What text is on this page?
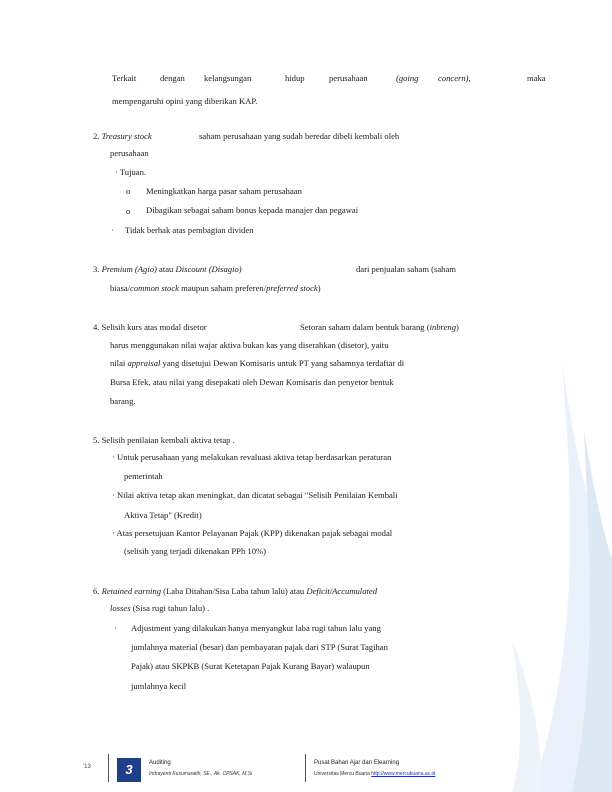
Terkait	dengan kelangsungan	hidup	perusahaan	(going concern),	maka
mempengaruhi opini yang diberikan KAP.
2. Treasury stock	saham perusahaan yang sudah beredar dibeli kembali oleh
perusahaan
· Tujuan.
o Meningkatkan harga pasar saham perusahaan
o Dibagikan sebagai saham bonus kepada manajer dan pegawai
· Tidak berhak atas pembagian dividen
3. Premium (Agio) atau Discount (Disagio)	dari penjualan saham (saham
biasa/common stock maupun saham preferen/preferred stock)
4. Selisih kurs atas modal disetor	Setoran saham dalam bentuk barang (inbreng)
harus menggunakan nilai wajar aktiva bukan kas yang diserahkan (disetor), yaitu
nilai appraisal yang disetujui Dewan Komisaris untuk PT yang sahamnya terdaftar di
Bursa Efek, atau nilai yang disepakati oleh Dewan Komisaris dan penyetor bentuk
barang.
5. Selisih penilaian kembali aktiva tetap .
· Untuk perusahaan yang melakukan revaluasi aktiva tetap berdasarkan peraturan
pemerintah
· Nilai aktiva tetap akan meningkat, dan dicatat sebagai "Selisih Penilaian Kembali
Aktiva Tetap" (Kredit)
· Atas persetujuan Kantor Pelayanan Pajak (KPP) dikenakan pajak sebagai modal
(selisih yang terjadi dikenakan PPh 10%)
6. Retained earning (Laba Ditahan/Sisa Laba tahun lalu) atau Deficit/Accumulated
losses (Sisa rugi tahun lalu) .
· Adjustment yang dilakukan hanya menyangkut laba rugi tahun lalu yang
jumlahnya material (besar) dan pembayaran pajak dari STP (Surat Tagihan
Pajak) atau SKPKB (Surat Ketetapan Pajak Kurang Bayar) walaupun
jumlahnya kecil
'13	3	Auditing
Indrayenti Kusumaratih, SE., Ak. CPSAK, M.Si
Pusat Bahan Ajar dan Elearning
Universitas Mercu Buana http://www.mercubuana.ac.id
